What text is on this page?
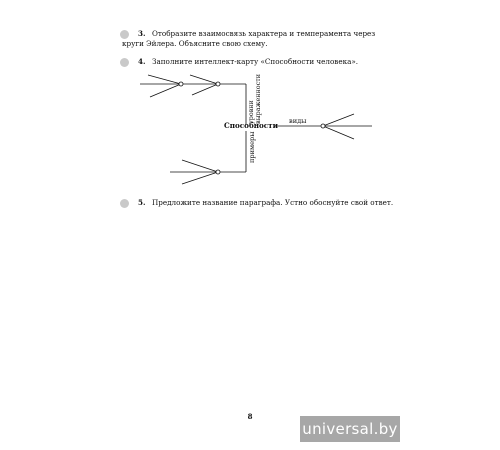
3. Отобразите взаимосвязь характера и темперамента через
круги Эйлера. Объясните свою схему.
4. Заполните интеллект-карту «Способности человека».
Способности
уровни выраженности	виды
примеры
5. Предложите название параграфа. Устно обоснуйте свой ответ.
8
universal.by
